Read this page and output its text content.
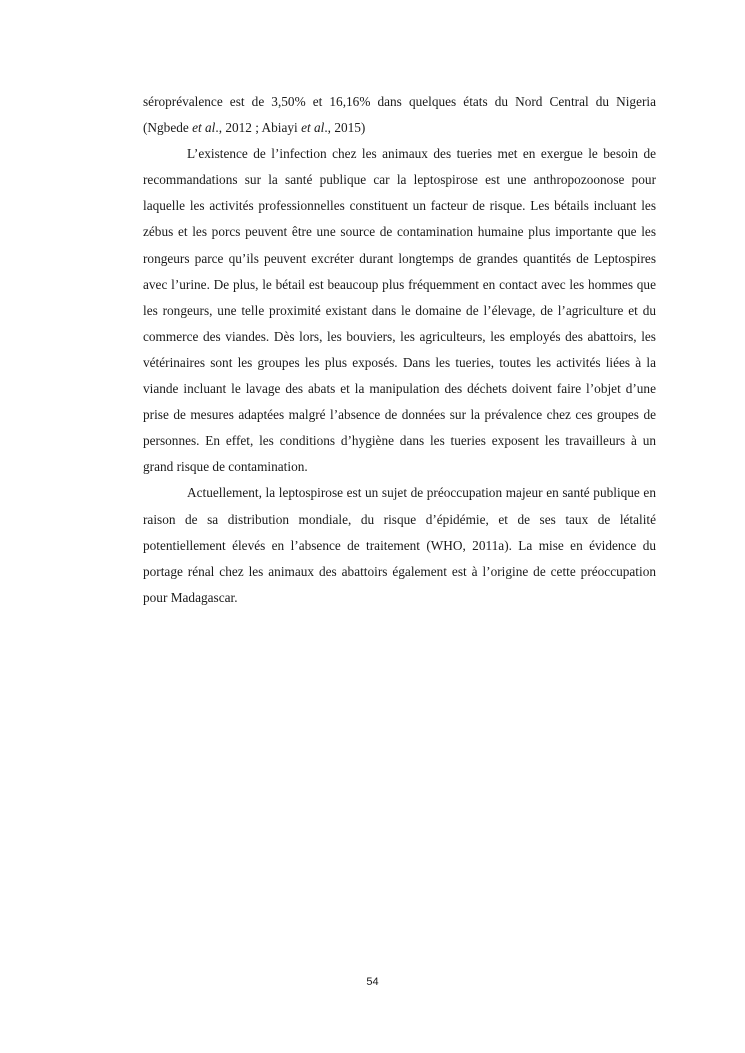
séroprévalence est de 3,50% et 16,16% dans quelques états du Nord Central du Nigeria (Ngbede et al., 2012 ; Abiayi et al., 2015)

L’existence de l’infection chez les animaux des tueries met en exergue le besoin de recommandations sur la santé publique car la leptospirose est une anthropozoonose pour laquelle les activités professionnelles constituent un facteur de risque. Les bétails incluant les zébus et les porcs peuvent être une source de contamination humaine plus importante que les rongeurs parce qu’ils peuvent excréter durant longtemps de grandes quantités de Leptospires avec l’urine. De plus, le bétail est beaucoup plus fréquemment en contact avec les hommes que les rongeurs, une telle proximité existant dans le domaine de l’élevage, de l’agriculture et du commerce des viandes. Dès lors, les bouviers, les agriculteurs, les employés des abattoirs, les vétérinaires sont les groupes les plus exposés. Dans les tueries, toutes les activités liées à la viande incluant le lavage des abats et la manipulation des déchets doivent faire l’objet d’une prise de mesures adaptées malgré l’absence de données sur la prévalence chez ces groupes de personnes. En effet, les conditions d’hygiène dans les tueries exposent les travailleurs à un grand risque de contamination.

Actuellement, la leptospirose est un sujet de préoccupation majeur en santé publique en raison de sa distribution mondiale, du risque d’épidémie, et de ses taux de létalité potentiellement élevés en l’absence de traitement (WHO, 2011a). La mise en évidence du portage rénal chez les animaux des abattoirs également est à l’origine de cette préoccupation pour Madagascar.

54
